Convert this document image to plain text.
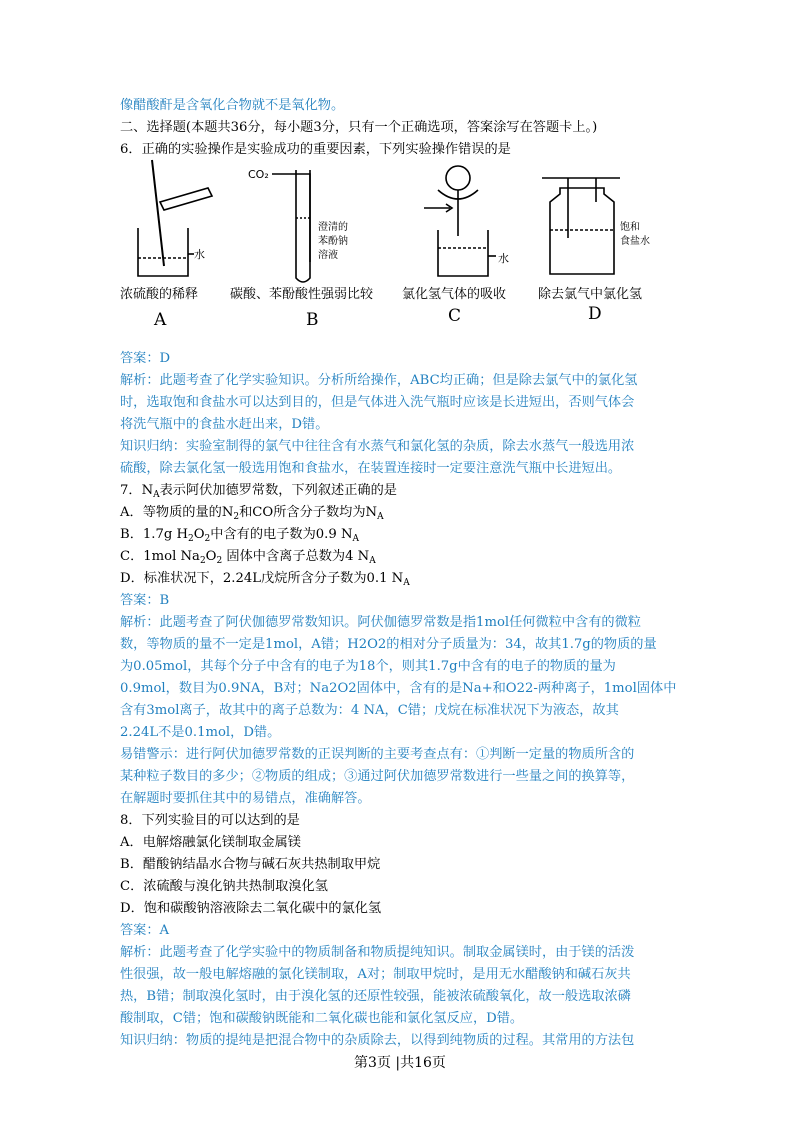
像醋酸酐是含氧化合物就不是氧化物。
二、选择题(本题共36分，每小题3分，只有一个正确选项，答案涂写在答题卡上。)
6．正确的实验操作是实验成功的重要因素，下列实验操作错误的是
CO₂
水
澄清的
苯酚钠
溶液	水
饱和
食盐水
浓硫酸的稀释 碳酸、苯酚酸性强弱比较 氯化氢气体的吸收 除去氯气中氯化氢
A	B	C	D
答案：D
解析：此题考查了化学实验知识。分析所给操作，ABC均正确；但是除去氯气中的氯化氢
时，选取饱和食盐水可以达到目的，但是气体进入洗气瓶时应该是长进短出，否则气体会
将洗气瓶中的食盐水赶出来，D错。
知识归纳：实验室制得的氯气中往往含有水蒸气和氯化氢的杂质，除去水蒸气一般选用浓
硫酸，除去氯化氢一般选用饱和食盐水，在装置连接时一定要注意洗气瓶中长进短出。
7．$N_A$表示阿伏加德罗常数，下列叙述正确的是
A．等物质的量的$N_2$和CO所含分子数均为$N_A$
B．1.7g $H_2O_2$中含有的电子数为0.9 $N_A$
C．1mol $Na_2O_2$ 固体中含离子总数为4 $N_A$
D．标准状况下，2.24L戊烷所含分子数为0.1 $N_A$
答案：B
解析：此题考查了阿伏伽德罗常数知识。阿伏伽德罗常数是指1mol任何微粒中含有的微粒
数，等物质的量不一定是1mol，A错；H2O2的相对分子质量为：34，故其1.7g的物质的量
为0.05mol，其每个分子中含有的电子为18个，则其1.7g中含有的电子的物质的量为
0.9mol，数目为0.9NA，B对；Na2O2固体中，含有的是Na+和O22-两种离子，1mol固体中
含有3mol离子，故其中的离子总数为：4 NA，C错；戊烷在标准状况下为液态，故其
2.24L不是0.1mol，D错。
易错警示：进行阿伏加德罗常数的正误判断的主要考查点有：①判断一定量的物质所含的
某种粒子数目的多少；②物质的组成；③通过阿伏加德罗常数进行一些量之间的换算等，
在解题时要抓住其中的易错点，准确解答。
8．下列实验目的可以达到的是
A．电解熔融氯化镁制取金属镁
B．醋酸钠结晶水合物与碱石灰共热制取甲烷
C．浓硫酸与溴化钠共热制取溴化氢
D．饱和碳酸钠溶液除去二氧化碳中的氯化氢
答案：A
解析：此题考查了化学实验中的物质制备和物质提纯知识。制取金属镁时，由于镁的活泼
性很强，故一般电解熔融的氯化镁制取，A对；制取甲烷时，是用无水醋酸钠和碱石灰共
热，B错；制取溴化氢时，由于溴化氢的还原性较强，能被浓硫酸氧化，故一般选取浓磷
酸制取，C错；饱和碳酸钠既能和二氧化碳也能和氯化氢反应，D错。
知识归纳：物质的提纯是把混合物中的杂质除去，以得到纯物质的过程。其常用的方法包
第3页 |共16页
